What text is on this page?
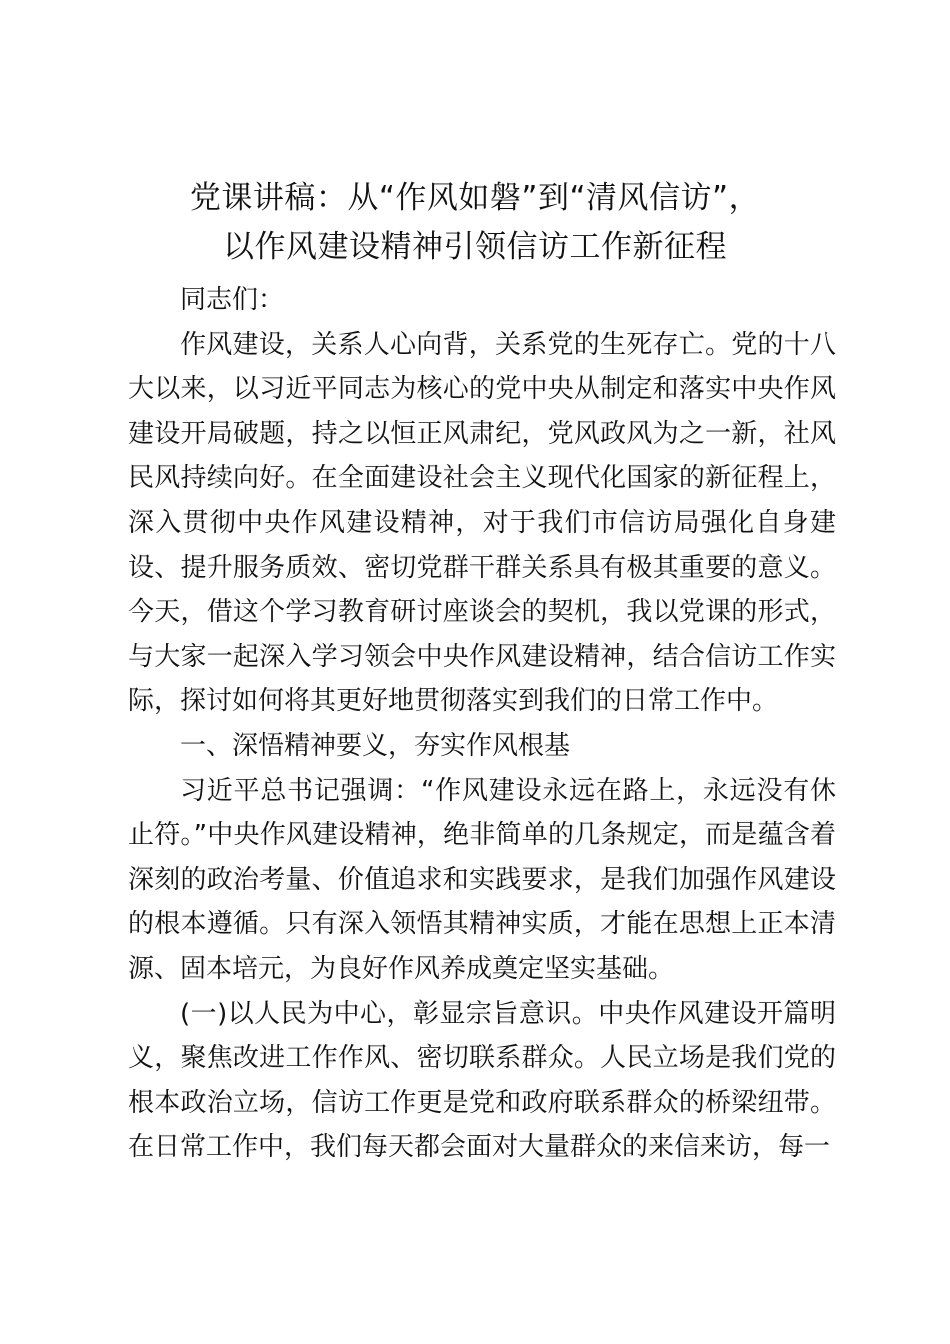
党课讲稿：从“作风如磐”到“清风信访”，
以作风建设精神引领信访工作新征程

同志们：

作风建设，关系人心向背，关系党的生死存亡。党的十八大以来，以习近平同志为核心的党中央从制定和落实中央作风建设开局破题，持之以恒正风肃纪，党风政风为之一新，社风民风持续向好。在全面建设社会主义现代化国家的新征程上，深入贯彻中央作风建设精神，对于我们市信访局强化自身建设、提升服务质效、密切党群干群关系具有极其重要的意义。今天，借这个学习教育研讨座谈会的契机，我以党课的形式，与大家一起深入学习领会中央作风建设精神，结合信访工作实际，探讨如何将其更好地贯彻落实到我们的日常工作中。

一、深悟精神要义，夯实作风根基

习近平总书记强调：“作风建设永远在路上，永远没有休止符。”中央作风建设精神，绝非简单的几条规定，而是蕴含着深刻的政治考量、价值追求和实践要求，是我们加强作风建设的根本遵循。只有深入领悟其精神实质，才能在思想上正本清源、固本培元，为良好作风养成奠定坚实基础。

(一)以人民为中心，彰显宗旨意识。中央作风建设开篇明义，聚焦改进工作作风、密切联系群众。人民立场是我们党的根本政治立场，信访工作更是党和政府联系群众的桥梁纽带。在日常工作中，我们每天都会面对大量群众的来信来访，每一
